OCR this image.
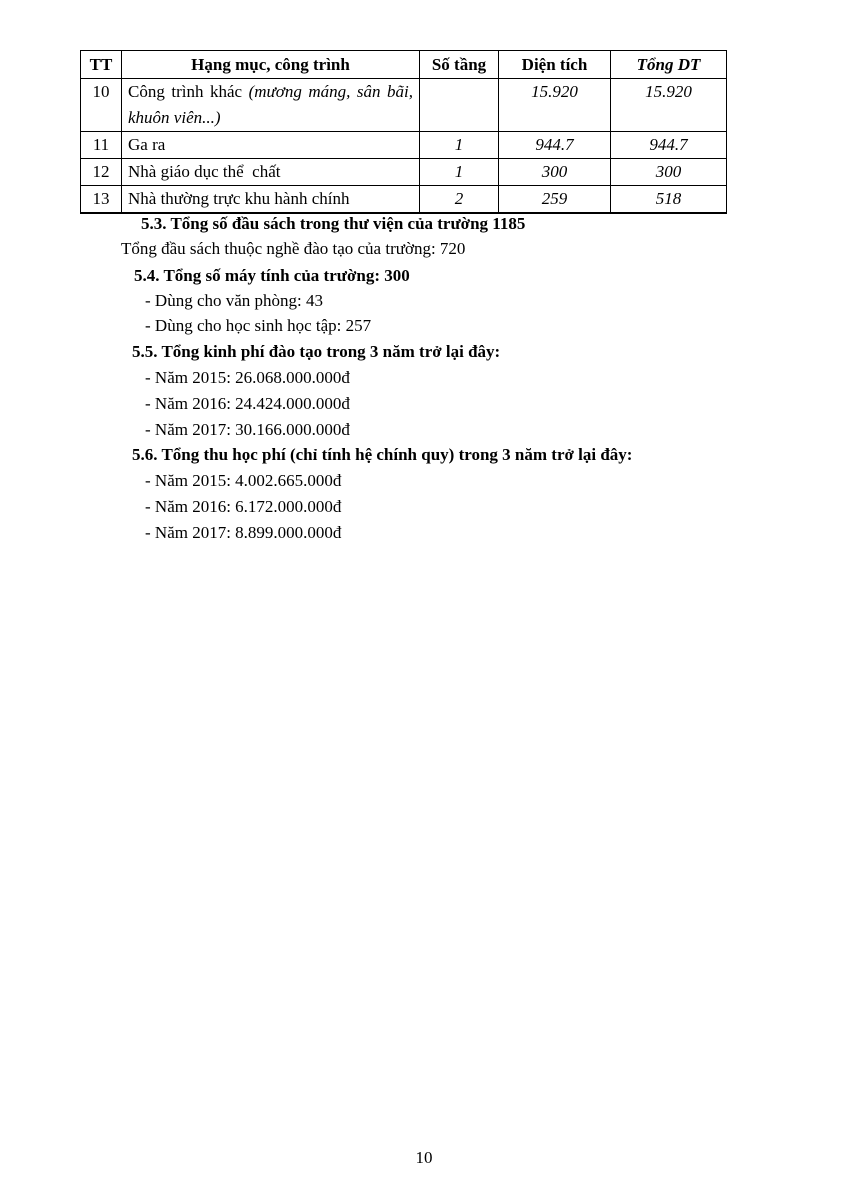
TT	Hạng mục, công trình	Số tầng	Diện tích	Tổng DT
10	Công trình khác (mương máng, sân bãi, khuôn viên...)		15.920	15.920
11	Ga ra	1	944.7	944.7
12	Nhà giáo dục thể  chất	1	300	300
13	Nhà thường trực khu hành chính	2	259	518
5.3. Tổng số đầu sách trong thư viện của trường 1185
Tổng đầu sách thuộc nghề đào tạo của trường: 720
5.4. Tổng số máy tính của trường: 300
- Dùng cho văn phòng: 43
- Dùng cho học sinh học tập: 257
5.5. Tổng kinh phí đào tạo trong 3 năm trở lại đây:
- Năm 2015: 26.068.000.000đ
- Năm 2016: 24.424.000.000đ
- Năm 2017: 30.166.000.000đ
5.6. Tổng thu học phí (chỉ tính hệ chính quy) trong 3 năm trở lại đây:
- Năm 2015: 4.002.665.000đ
- Năm 2016: 6.172.000.000đ
- Năm 2017: 8.899.000.000đ
10
